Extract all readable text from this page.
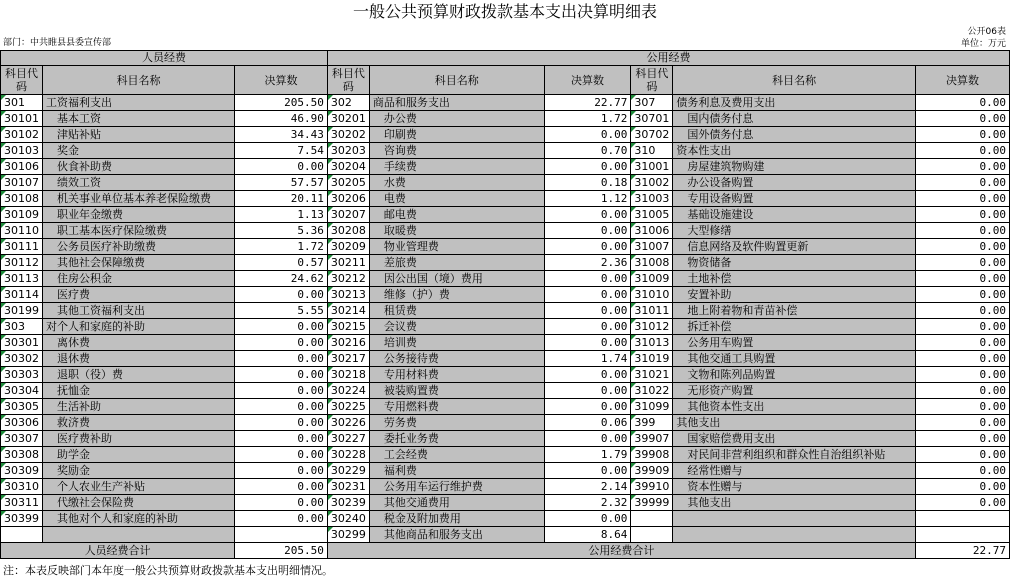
一般公共预算财政拨款基本支出决算明细表
部门：中共睢县县委宣传部
公开06表
单位：万元
人员经费			公用经费					
科目代码	科目名称	决算数	科目代码	科目名称	决算数	科目代码	科目名称	决算数
301	工资福利支出	205.50	302	商品和服务支出	22.77	307	债务利息及费用支出	0.00
30101	基本工资	46.90	30201	办公费	1.72	30701	国内债务付息	0.00
30102	津贴补贴	34.43	30202	印刷费	0.00	30702	国外债务付息	0.00
30103	奖金	7.54	30203	咨询费	0.70	310	资本性支出	0.00
30106	伙食补助费	0.00	30204	手续费	0.00	31001	房屋建筑物购建	0.00
30107	绩效工资	57.57	30205	水费	0.18	31002	办公设备购置	0.00
30108	机关事业单位基本养老保险缴费	20.11	30206	电费	1.12	31003	专用设备购置	0.00
30109	职业年金缴费	1.13	30207	邮电费	0.00	31005	基础设施建设	0.00
30110	职工基本医疗保险缴费	5.36	30208	取暖费	0.00	31006	大型修缮	0.00
30111	公务员医疗补助缴费	1.72	30209	物业管理费	0.00	31007	信息网络及软件购置更新	0.00
30112	其他社会保障缴费	0.57	30211	差旅费	2.36	31008	物资储备	0.00
30113	住房公积金	24.62	30212	因公出国（境）费用	0.00	31009	土地补偿	0.00
30114	医疗费	0.00	30213	维修（护）费	0.00	31010	安置补助	0.00
30199	其他工资福利支出	5.55	30214	租赁费	0.00	31011	地上附着物和青苗补偿	0.00
303	对个人和家庭的补助	0.00	30215	会议费	0.00	31012	拆迁补偿	0.00
30301	离休费	0.00	30216	培训费	0.00	31013	公务用车购置	0.00
30302	退休费	0.00	30217	公务接待费	1.74	31019	其他交通工具购置	0.00
30303	退职（役）费	0.00	30218	专用材料费	0.00	31021	文物和陈列品购置	0.00
30304	抚恤金	0.00	30224	被装购置费	0.00	31022	无形资产购置	0.00
30305	生活补助	0.00	30225	专用燃料费	0.00	31099	其他资本性支出	0.00
30306	救济费	0.00	30226	劳务费	0.06	399	其他支出	0.00
30307	医疗费补助	0.00	30227	委托业务费	0.00	39907	国家赔偿费用支出	0.00
30308	助学金	0.00	30228	工会经费	1.79	39908	对民间非营利组织和群众性自治组织补贴	0.00
30309	奖励金	0.00	30229	福利费	0.00	39909	经常性赠与	0.00
30310	个人农业生产补贴	0.00	30231	公务用车运行维护费	2.14	39910	资本性赠与	0.00
30311	代缴社会保险费	0.00	30239	其他交通费用	2.32	39999	其他支出	0.00
30399	其他对个人和家庭的补助	0.00	30240	税金及附加费用	0.00			
			30299	其他商品和服务支出	8.64			
人员经费合计		205.50	公用经费合计					22.77
注：本表反映部门本年度一般公共预算财政拨款基本支出明细情况。
